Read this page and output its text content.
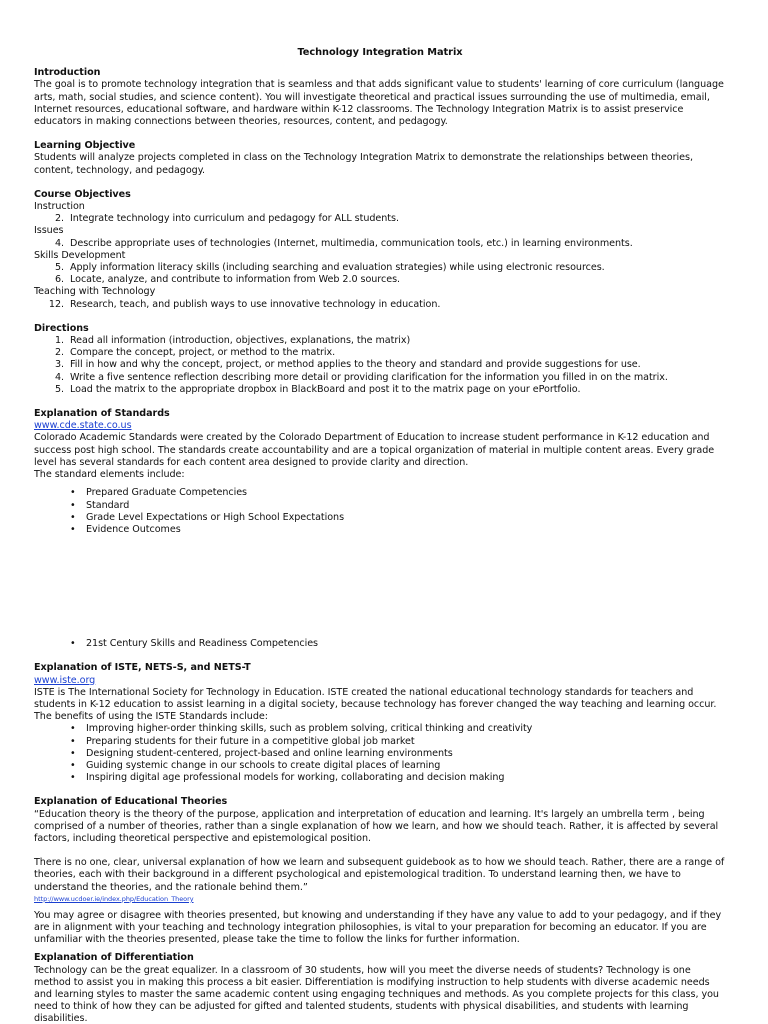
Technology Integration Matrix
Introduction

The goal is to promote technology integration that is seamless and that adds significant value to students' learning of core curriculum (language arts, math, social studies, and science content). You will investigate theoretical and practical issues surrounding the use of multimedia, email, Internet resources, educational software, and hardware within K-12 classrooms. The Technology Integration Matrix is to assist preservice educators in making connections between theories, resources, content, and pedagogy.

Learning Objective

Students will analyze projects completed in class on the Technology Integration Matrix to demonstrate the relationships between theories, content, technology, and pedagogy.

Course Objectives
Instruction
2. Integrate technology into curriculum and pedagogy for ALL students.
Issues
4. Describe appropriate uses of technologies (Internet, multimedia, communication tools, etc.) in learning environments.
Skills Development
5. Apply information literacy skills (including searching and evaluation strategies) while using electronic resources.
6. Locate, analyze, and contribute to information from Web 2.0 sources.
Teaching with Technology
12. Research, teach, and publish ways to use innovative technology in education.
Directions
1. Read all information (introduction, objectives, explanations, the matrix)
2. Compare the concept, project, or method to the matrix.
3. Fill in how and why the concept, project, or method applies to the theory and standard and provide suggestions for use.
4. Write a five sentence reflection describing more detail or providing clarification for the information you filled in on the matrix.
5. Load the matrix to the appropriate dropbox in BlackBoard and post it to the matrix page on your ePortfolio.
Explanation of Standards
www.cde.state.co.us

Colorado Academic Standards were created by the Colorado Department of Education to increase student performance in K-12 education and success post high school. The standards create accountability and are a topical organization of material in multiple content areas. Every grade level has several standards for each content area designed to provide clarity and direction.

The standard elements include:

• Prepared Graduate Competencies
• Standard
• Grade Level Expectations or High School Expectations
• Evidence Outcomes
• 21st Century Skills and Readiness Competencies
Explanation of ISTE, NETS-S, and NETS-T
www.iste.org

ISTE is The International Society for Technology in Education. ISTE created the national educational technology standards for teachers and students in K-12 education to assist learning in a digital society, because technology has forever changed the way teaching and learning occur. The benefits of using the ISTE Standards include:

• Improving higher-order thinking skills, such as problem solving, critical thinking and creativity
• Preparing students for their future in a competitive global job market
• Designing student-centered, project-based and online learning environments
• Guiding systemic change in our schools to create digital places of learning
• Inspiring digital age professional models for working, collaborating and decision making
Explanation of Educational Theories

“Education theory is the theory of the purpose, application and interpretation of education and learning. It's largely an umbrella term , being comprised of a number of theories, rather than a single explanation of how we learn, and how we should teach. Rather, it is affected by several factors, including theoretical perspective and epistemological position.

There is no one, clear, universal explanation of how we learn and subsequent guidebook as to how we should teach. Rather, there are a range of theories, each with their background in a different psychological and epistemological tradition. To understand learning then, we have to understand the theories, and the rationale behind them.”

http://www.ucdoer.ie/index.php/Education_Theory

You may agree or disagree with theories presented, but knowing and understanding if they have any value to add to your pedagogy, and if they are in alignment with your teaching and technology integration philosophies, is vital to your preparation for becoming an educator. If you are unfamiliar with the theories presented, please take the time to follow the links for further information.

Explanation of Differentiation

Technology can be the great equalizer. In a classroom of 30 students, how will you meet the diverse needs of students? Technology is one method to assist you in making this process a bit easier. Differentiation is modifying instruction to help students with diverse academic needs and learning styles to master the same academic content using engaging techniques and methods. As you complete projects for this class, you need to think of how they can be adjusted for gifted and talented students, students with physical disabilities, and students with learning disabilities.
